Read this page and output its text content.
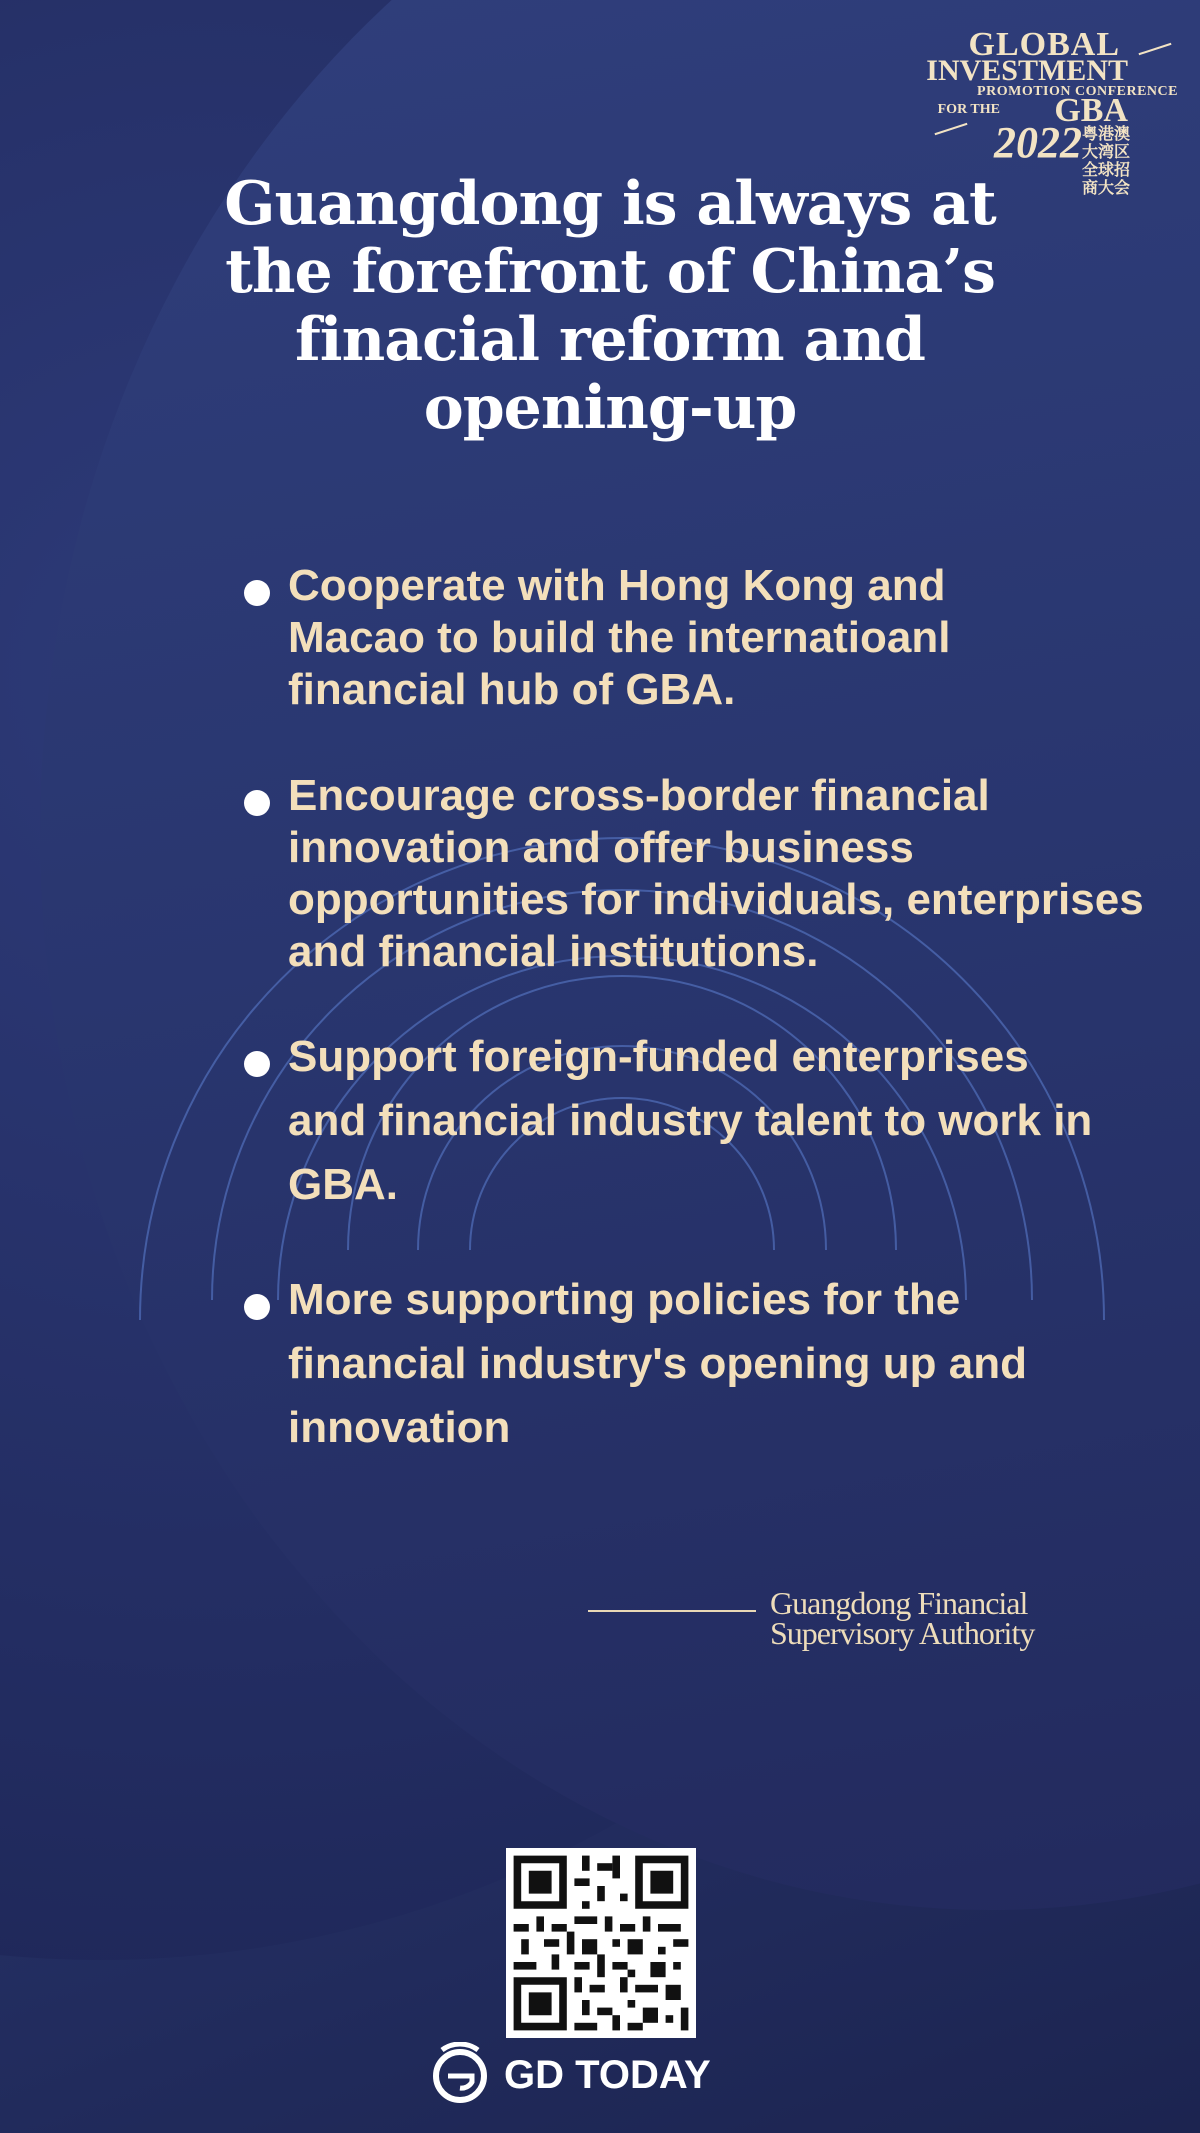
GLOBAL
INVESTMENT
PROMOTION CONFERENCE
FOR THE GBA
2022 粤港澳大湾区全球招商大会
Guangdong is always at the forefront of China’s finacial reform and opening-up
Cooperate with Hong Kong and Macao to build the internatioanl financial hub of GBA.
Encourage cross-border financial innovation and offer business opportunities for individuals, enterprises and financial institutions.
Support foreign-funded enterprises and financial industry talent to work in GBA.
More supporting policies for the financial industry's opening up and innovation
Guangdong Financial Supervisory Authority
GD TODAY
